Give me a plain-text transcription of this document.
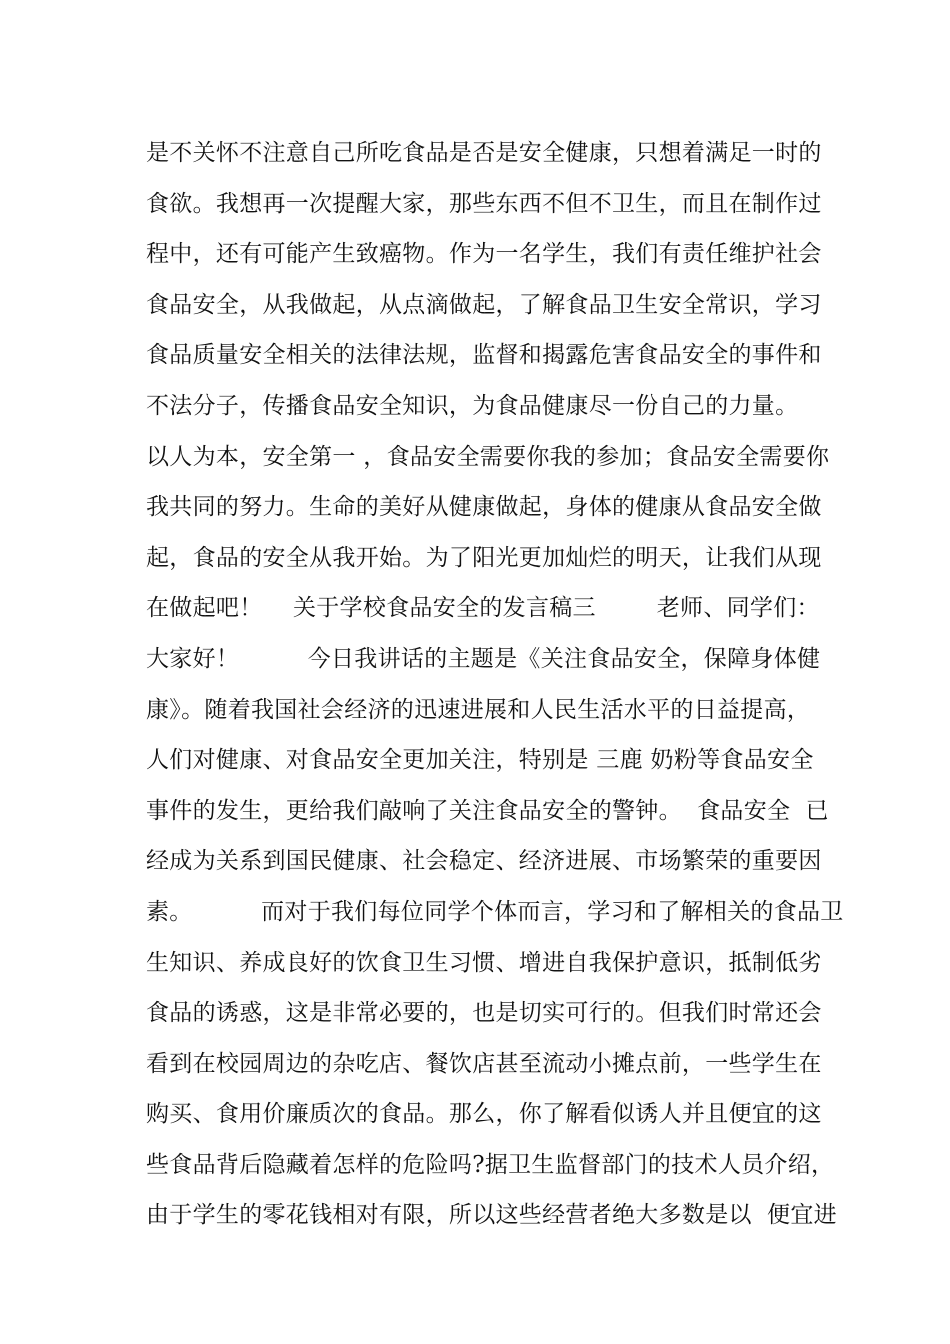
是不关怀不注意自己所吃食品是否是安全健康，只想着满足一时的
食欲。我想再一次提醒大家，那些东西不但不卫生，而且在制作过
程中，还有可能产生致癌物。作为一名学生，我们有责任维护社会
食品安全，从我做起，从点滴做起，了解食品卫生安全常识，学习
食品质量安全相关的法律法规，监督和揭露危害食品安全的事件和
不法分子，传播食品安全知识，为食品健康尽一份自己的力量。
以人为本，安全第一 ，食品安全需要你我的参加；食品安全需要你
我共同的努力。生命的美好从健康做起，身体的健康从食品安全做
起，食品的安全从我开始。为了阳光更加灿烂的明天，让我们从现
在做起吧！    关于学校食品安全的发言稿三        老师、同学们：
大家好！         今日我讲话的主题是《关注食品安全，保障身体健
康》。随着我国社会经济的迅速进展和人民生活水平的日益提高，
人们对健康、对食品安全更加关注，特别是 三鹿 奶粉等食品安全
事件的发生，更给我们敲响了关注食品安全的警钟。  食品安全  已
经成为关系到国民健康、社会稳定、经济进展、市场繁荣的重要因
素。         而对于我们每位同学个体而言，学习和了解相关的食品卫
生知识、养成良好的饮食卫生习惯、增进自我保护意识，抵制低劣
食品的诱惑，这是非常必要的，也是切实可行的。但我们时常还会
看到在校园周边的杂吃店、餐饮店甚至流动小摊点前，一些学生在
购买、食用价廉质次的食品。那么，你了解看似诱人并且便宜的这
些食品背后隐藏着怎样的危险吗?据卫生监督部门的技术人员介绍，
由于学生的零花钱相对有限，所以这些经营者绝大多数是以  便宜进
